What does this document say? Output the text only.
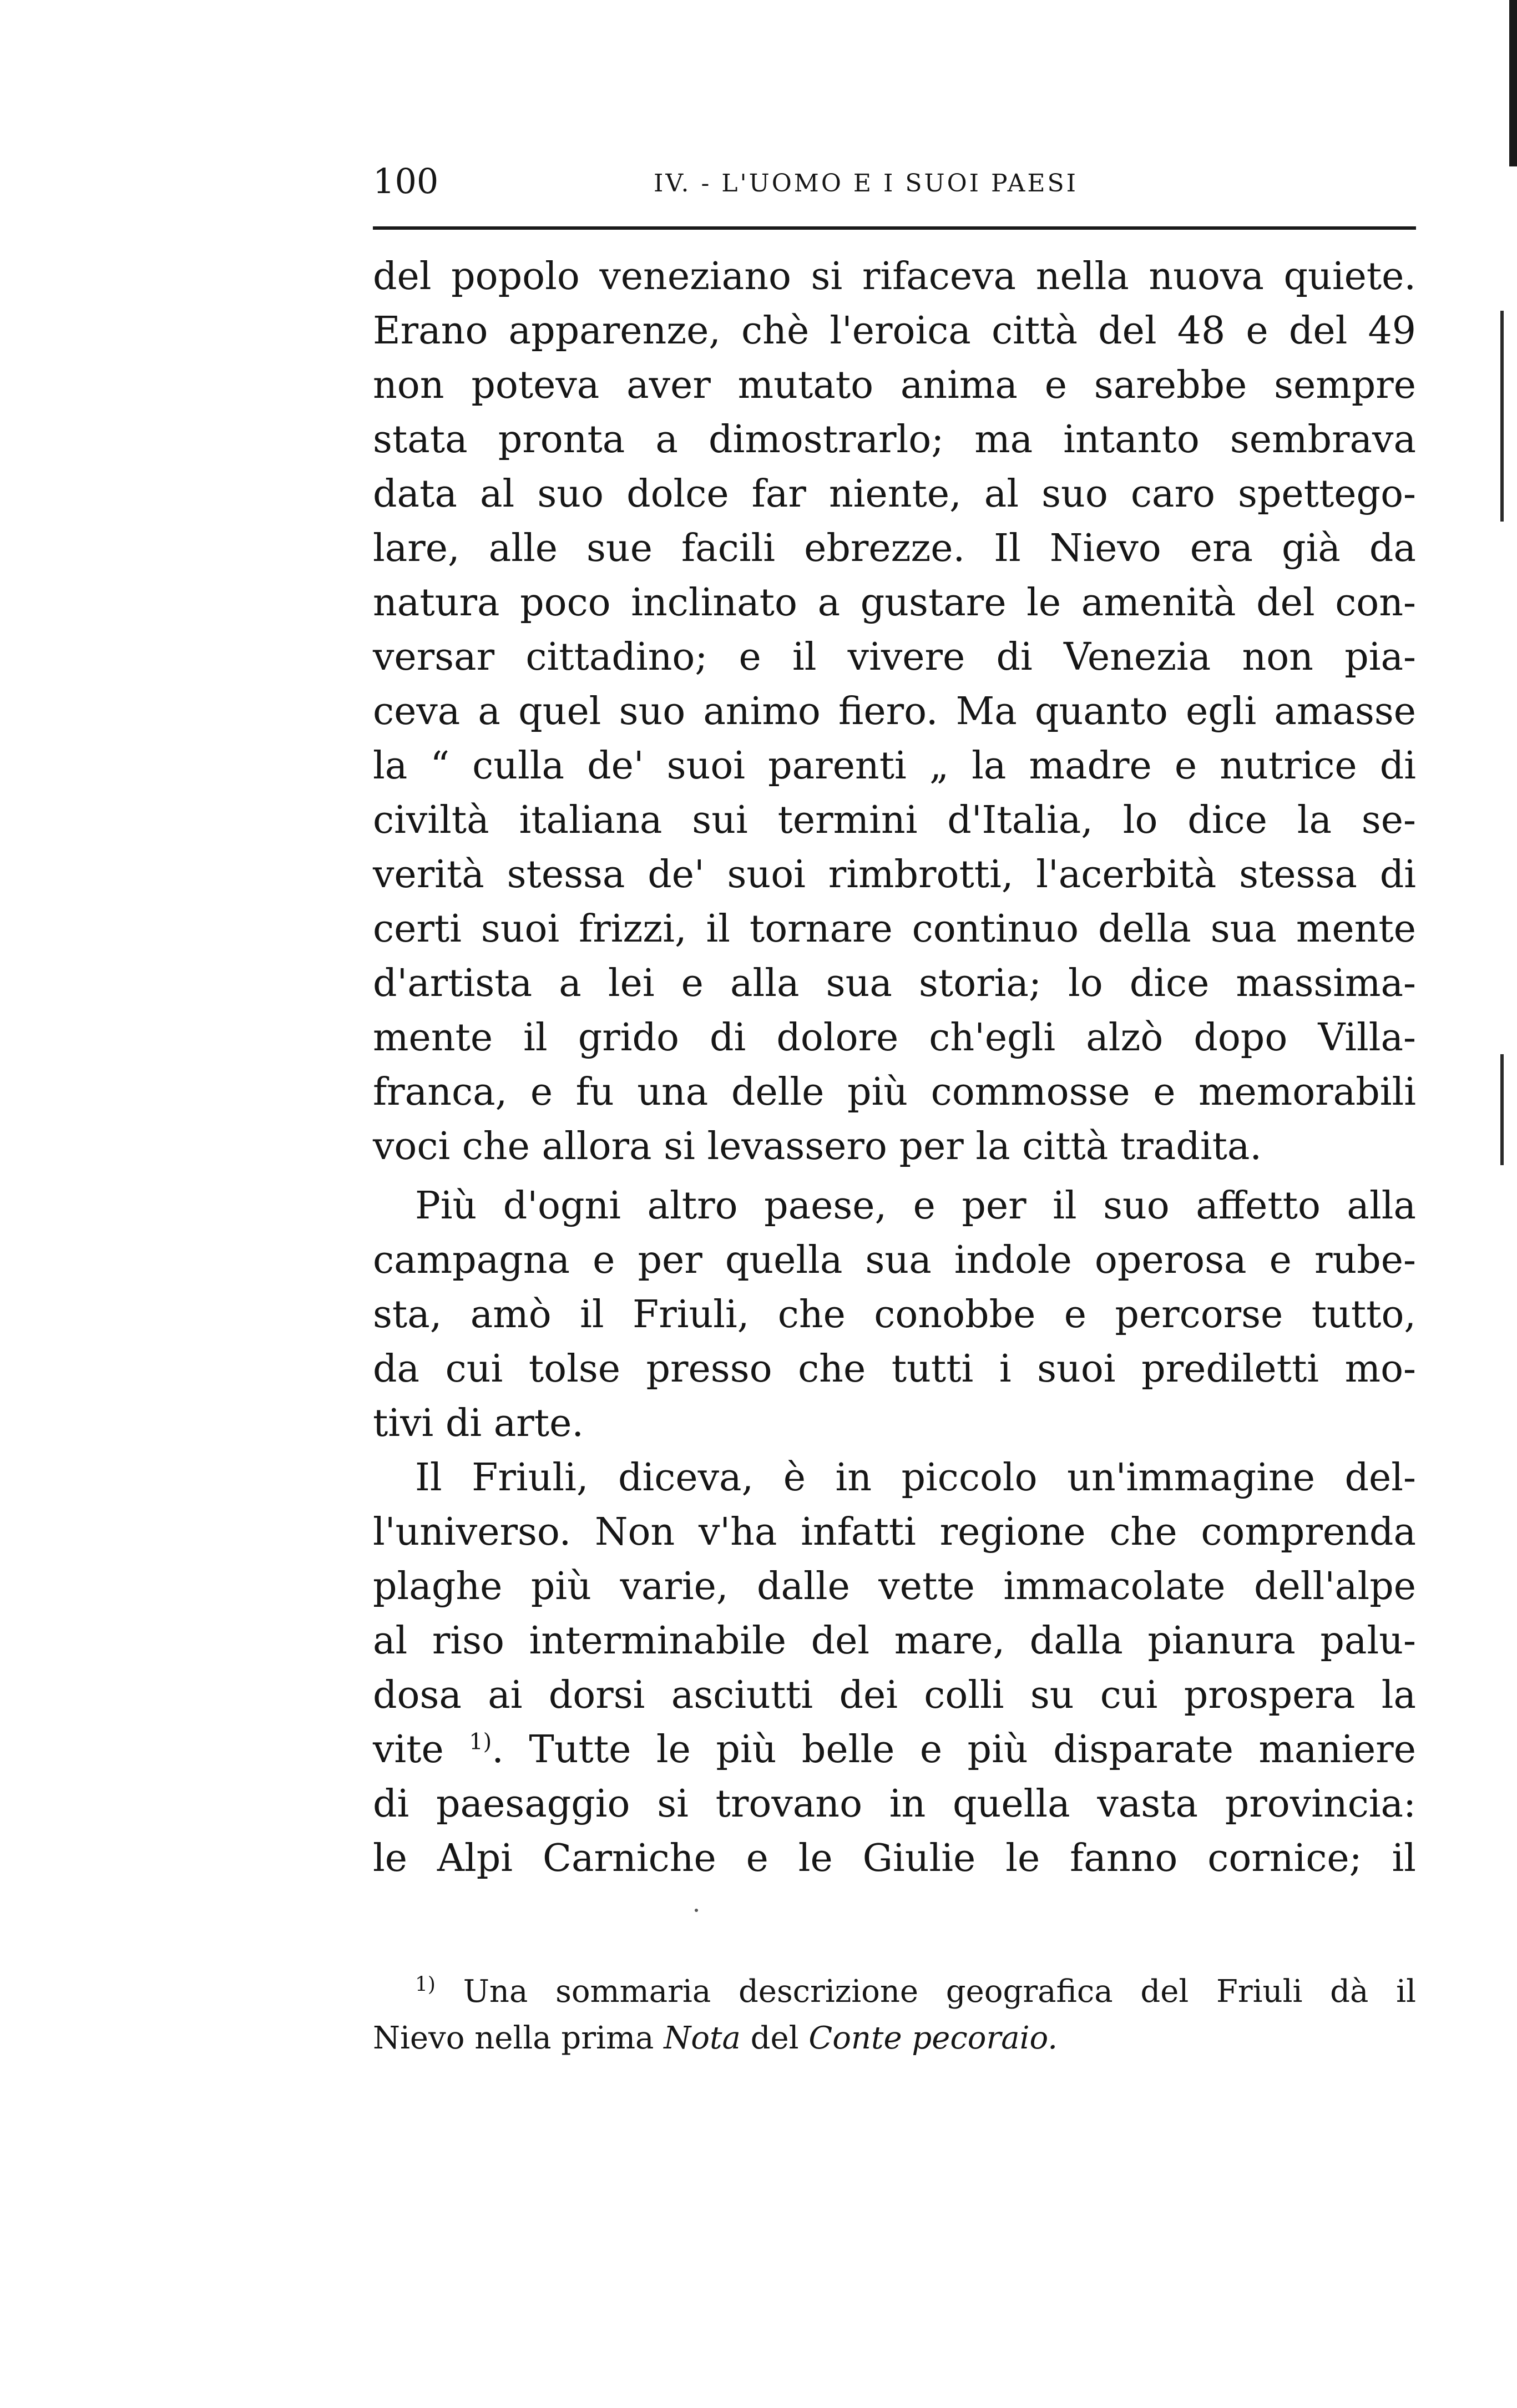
100	IV. - L'UOMO E I SUOI PAESI
del popolo veneziano si rifaceva nella nuova quiete.
Erano apparenze, chè l'eroica città del 48 e del 49
non poteva aver mutato anima e sarebbe sempre
stata pronta a dimostrarlo; ma intanto sembrava
data al suo dolce far niente, al suo caro spettego-
lare, alle sue facili ebrezze. Il Nievo era già da
natura poco inclinato a gustare le amenità del con-
versar cittadino; e il vivere di Venezia non pia-
ceva a quel suo animo fiero. Ma quanto egli amasse
la “ culla de' suoi parenti „ la madre e nutrice di
civiltà italiana sui termini d'Italia, lo dice la se-
verità stessa de' suoi rimbrotti, l'acerbità stessa di
certi suoi frizzi, il tornare continuo della sua mente
d'artista a lei e alla sua storia; lo dice massima-
mente il grido di dolore ch'egli alzò dopo Villa-
franca, e fu una delle più commosse e memorabili
voci che allora si levassero per la città tradita.
Più d'ogni altro paese, e per il suo affetto alla
campagna e per quella sua indole operosa e rube-
sta, amò il Friuli, che conobbe e percorse tutto,
da cui tolse presso che tutti i suoi prediletti mo-
tivi di arte.
Il Friuli, diceva, è in piccolo un'immagine del-
l'universo. Non v'ha infatti regione che comprenda
plaghe più varie, dalle vette immacolate dell'alpe
al riso interminabile del mare, dalla pianura palu-
dosa ai dorsi asciutti dei colli su cui prospera la
vite $^{1)}$. Tutte le più belle e più disparate maniere
di paesaggio si trovano in quella vasta provincia:
le Alpi Carniche e le Giulie le fanno cornice; il
$^{1)}$ Una sommaria descrizione geografica del Friuli dà il
Nievo nella prima Nota del Conte pecoraio.
